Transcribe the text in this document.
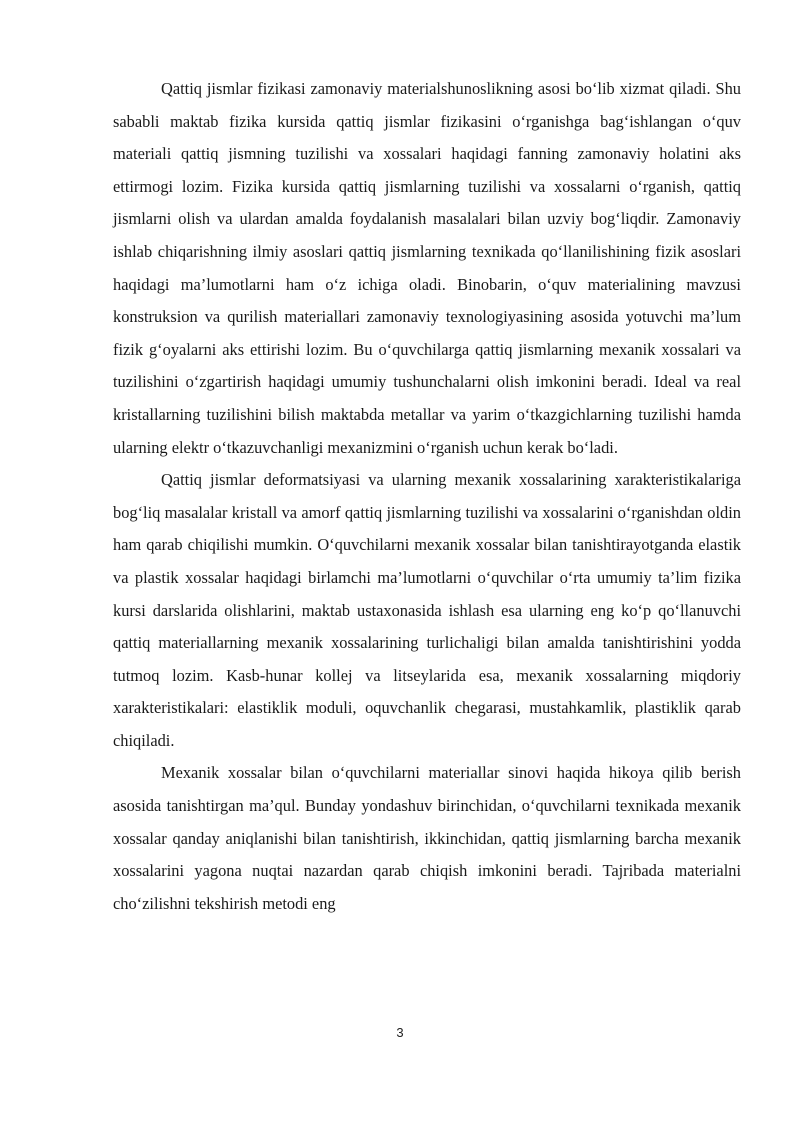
Qattiq jismlar fizikasi zamonaviy materialshunoslikning asosi bo‘lib xizmat qiladi. Shu sababli maktab fizika kursida qattiq jismlar fizikasini o‘rganishga bag‘ishlangan o‘quv materiali qattiq jismning tuzilishi va xossalari haqidagi fanning zamonaviy holatini aks ettirmogi lozim. Fizika kursida qattiq jismlarning tuzilishi va xossalarni o‘rganish, qattiq jismlarni olish va ulardan amalda foydalanish masalalari bilan uzviy bog‘liqdir. Zamonaviy ishlab chiqarishning ilmiy asoslari qattiq jismlarning texnikada qo‘llanilishining fizik asoslari haqidagi ma’lumotlarni ham o‘z ichiga oladi. Binobarin, o‘quv materialining mavzusi konstruksion va qurilish materiallari zamonaviy texnologiyasining asosida yotuvchi ma’lum fizik g‘oyalarni aks ettirishi lozim. Bu o‘quvchilarga qattiq jismlarning mexanik xossalari va tuzilishini o‘zgartirish haqidagi umumiy tushunchalarni olish imkonini beradi. Ideal va real kristallarning tuzilishini bilish maktabda metallar va yarim o‘tkazgichlarning tuzilishi hamda ularning elektr o‘tkazuvchanligi mexanizmini o‘rganish uchun kerak bo‘ladi.

Qattiq jismlar deformatsiyasi va ularning mexanik xossalarining xarakteristikalariga bog‘liq masalalar kristall va amorf qattiq jismlarning tuzilishi va xossalarini o‘rganishdan oldin ham qarab chiqilishi mumkin. O‘quvchilarni mexanik xossalar bilan tanishtirayotganda elastik va plastik xossalar haqidagi birlamchi ma’lumotlarni o‘quvchilar o‘rta umumiy ta’lim fizika kursi darslarida olishlarini, maktab ustaxonasida ishlash esa ularning eng ko‘p qo‘llanuvchi qattiq materiallarning mexanik xossalarining turlichaligi bilan amalda tanishtirishini yodda tutmoq lozim. Kasb-hunar kollej va litseylarida esa, mexanik xossalarning miqdoriy xarakteristikalari: elastiklik moduli, oquvchanlik chegarasi, mustahkamlik, plastiklik qarab chiqiladi.

Mexanik xossalar bilan o‘quvchilarni materiallar sinovi haqida hikoya qilib berish asosida tanishtirgan ma’qul. Bunday yondashuv birinchidan, o‘quvchilarni texnikada mexanik xossalar qanday aniqlanishi bilan tanishtirish, ikkinchidan, qattiq jismlarning barcha mexanik xossalarini yagona nuqtai nazardan qarab chiqish imkonini beradi. Tajribada materialni cho‘zilishni tekshirish metodi eng

3
